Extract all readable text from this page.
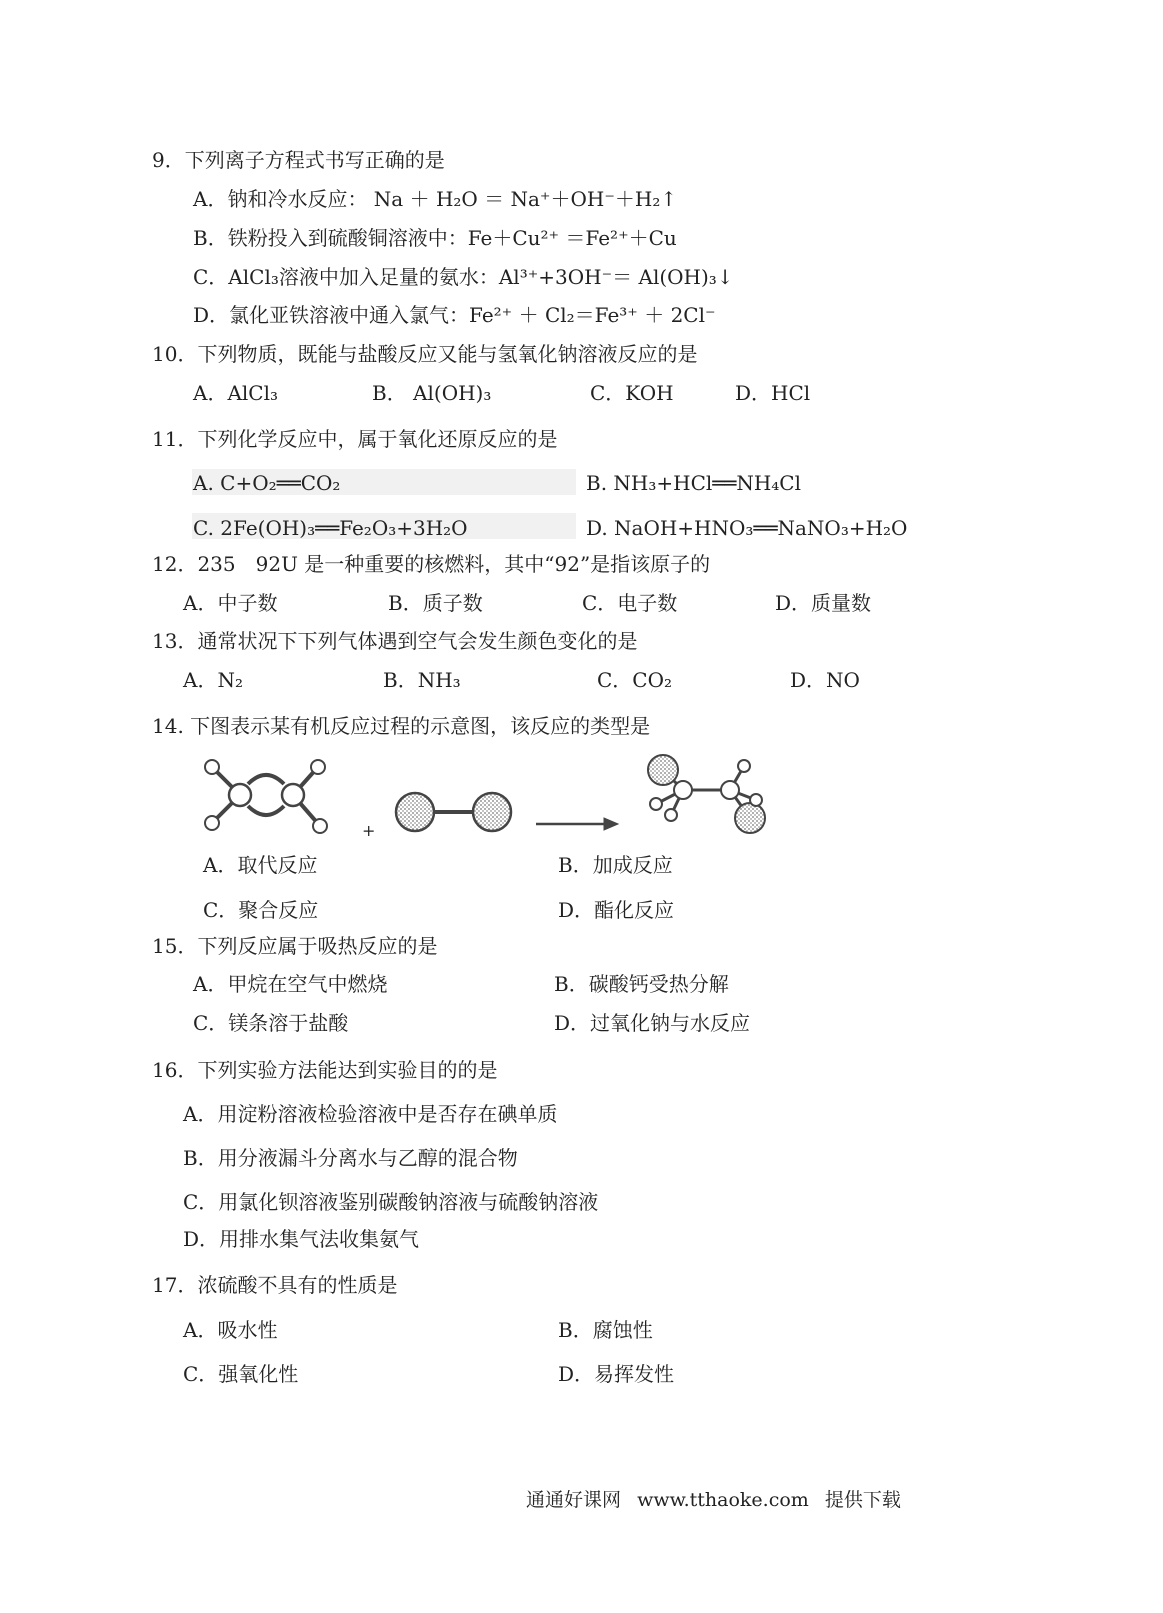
9．下列离子方程式书写正确的是
A．钠和冷水反应： Na ＋ H₂O ＝ Na⁺＋OH⁻＋H₂↑
B．铁粉投入到硫酸铜溶液中：Fe＋Cu²⁺ ＝Fe²⁺＋Cu
C．AlCl₃溶液中加入足量的氨水：Al³⁺+3OH⁻＝ Al(OH)₃↓
D．氯化亚铁溶液中通入氯气：Fe²⁺ ＋ Cl₂＝Fe³⁺ ＋ 2Cl⁻
10．下列物质，既能与盐酸反应又能与氢氧化钠溶液反应的是
A．AlCl₃	B． Al(OH)₃	C．KOH	D．HCl
11．下列化学反应中，属于氧化还原反应的是
A. C+O₂══CO₂	B. NH₃+HCl══NH₄Cl
C. 2Fe(OH)₃══Fe₂O₃+3H₂O	D. NaOH+HNO₃══NaNO₃+H₂O
12．235　92U 是一种重要的核燃料，其中“92”是指该原子的
A．中子数	B．质子数	C．电子数	D．质量数
13．通常状况下下列气体遇到空气会发生颜色变化的是
A．N₂	B．NH₃	C．CO₂	D．NO
14. 下图表示某有机反应过程的示意图，该反应的类型是
+
A．取代反应	B．加成反应
C．聚合反应	D．酯化反应
15．下列反应属于吸热反应的是
A．甲烷在空气中燃烧	B．碳酸钙受热分解
C．镁条溶于盐酸	D．过氧化钠与水反应
16．下列实验方法能达到实验目的的是
A．用淀粉溶液检验溶液中是否存在碘单质
B．用分液漏斗分离水与乙醇的混合物
C．用氯化钡溶液鉴别碳酸钠溶液与硫酸钠溶液
D．用排水集气法收集氨气
17．浓硫酸不具有的性质是
A．吸水性	B．腐蚀性
C．强氧化性	D．易挥发性
通通好课网 www.tthaoke.com 提供下载
